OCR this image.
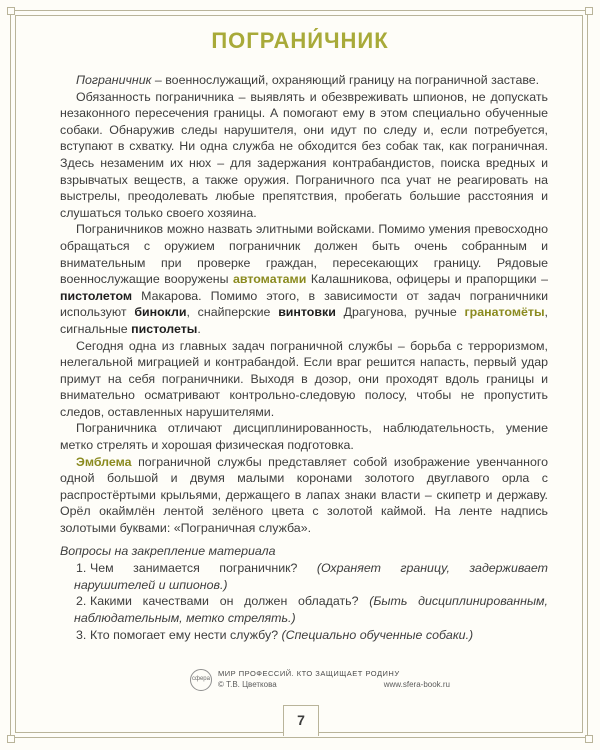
ПОГРАНИ́ЧНИК

Пограничник – военнослужащий, охраняющий границу на пограничной заставе.

Обязанность пограничника – выявлять и обезвреживать шпионов, не допускать незаконного пересечения границы. А помогают ему в этом специально обученные собаки. Обнаружив следы нарушителя, они идут по следу и, если потребуется, вступают в схватку. Ни одна служба не обходится без собак так, как пограничная. Здесь незаменим их нюх – для задержания контрабандистов, поиска вредных и взрывчатых веществ, а также оружия. Пограничного пса учат не реагировать на выстрелы, преодолевать любые препятствия, пробегать большие расстояния и слушаться только своего хозяина.

Пограничников можно назвать элитными войсками. Помимо умения превосходно обращаться с оружием пограничник должен быть очень собранным и внимательным при проверке граждан, пересекающих границу. Рядовые военнослужащие вооружены автоматами Калашникова, офицеры и прапорщики – пистолетом Макарова. Помимо этого, в зависимости от задач пограничники используют бинокли, снайперские винтовки Драгунова, ручные гранатомёты, сигнальные пистолеты.

Сегодня одна из главных задач пограничной службы – борьба с терроризмом, нелегальной миграцией и контрабандой. Если враг решится напасть, первый удар примут на себя пограничники. Выходя в дозор, они проходят вдоль границы и внимательно осматривают контрольно-следовую полосу, чтобы не пропустить следов, оставленных нарушителями.

Пограничника отличают дисциплинированность, наблюдательность, умение метко стрелять и хорошая физическая подготовка.

Эмблема пограничной службы представляет собой изображение увенчанного одной большой и двумя малыми коронами золотого двуглавого орла с распростёртыми крыльями, держащего в лапах знаки власти – скипетр и державу. Орёл окаймлён лентой зелёного цвета с золотой каймой. На ленте надпись золотыми буквами: «Пограничная служба».

Вопросы на закрепление материала

1. Чем занимается пограничник? (Охраняет границу, задерживает нарушителей и шпионов.)

2. Какими качествами он должен обладать? (Быть дисциплинированным, наблюдательным, метко стрелять.)

3. Кто помогает ему нести службу? (Специально обученные собаки.)

сфера
МИР ПРОФЕССИЙ. КТО ЗАЩИЩАЕТ РОДИНУ
© Т.В. Цветкова	www.sfera-book.ru
7
